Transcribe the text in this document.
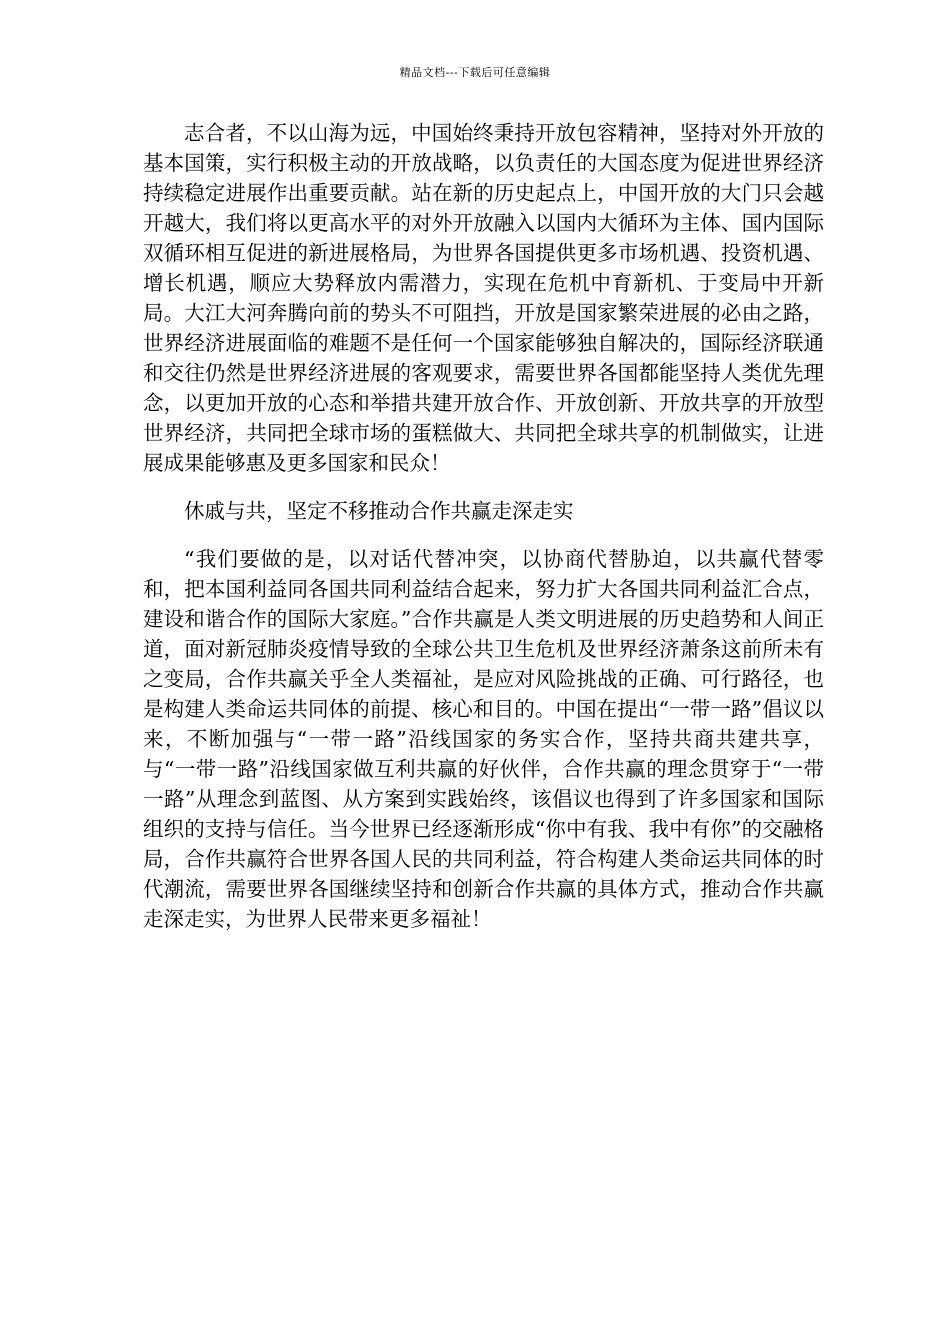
精品文档---下载后可任意编辑

志合者，不以山海为远，中国始终秉持开放包容精神，坚持对外开放的基本国策，实行积极主动的开放战略，以负责任的大国态度为促进世界经济持续稳定进展作出重要贡献。站在新的历史起点上，中国开放的大门只会越开越大，我们将以更高水平的对外开放融入以国内大循环为主体、国内国际双循环相互促进的新进展格局，为世界各国提供更多市场机遇、投资机遇、增长机遇，顺应大势释放内需潜力，实现在危机中育新机、于变局中开新局。大江大河奔腾向前的势头不可阻挡，开放是国家繁荣进展的必由之路，世界经济进展面临的难题不是任何一个国家能够独自解决的，国际经济联通和交往仍然是世界经济进展的客观要求，需要世界各国都能坚持人类优先理念，以更加开放的心态和举措共建开放合作、开放创新、开放共享的开放型世界经济，共同把全球市场的蛋糕做大、共同把全球共享的机制做实，让进展成果能够惠及更多国家和民众！

休戚与共，坚定不移推动合作共赢走深走实

“我们要做的是，以对话代替冲突，以协商代替胁迫，以共赢代替零和，把本国利益同各国共同利益结合起来，努力扩大各国共同利益汇合点，建设和谐合作的国际大家庭。”合作共赢是人类文明进展的历史趋势和人间正道，面对新冠肺炎疫情导致的全球公共卫生危机及世界经济萧条这前所未有之变局，合作共赢关乎全人类福祉，是应对风险挑战的正确、可行路径，也是构建人类命运共同体的前提、核心和目的。中国在提出“一带一路”倡议以来，不断加强与“一带一路”沿线国家的务实合作，坚持共商共建共享，与“一带一路”沿线国家做互利共赢的好伙伴，合作共赢的理念贯穿于“一带一路”从理念到蓝图、从方案到实践始终，该倡议也得到了许多国家和国际组织的支持与信任。当今世界已经逐渐形成“你中有我、我中有你”的交融格局，合作共赢符合世界各国人民的共同利益，符合构建人类命运共同体的时代潮流，需要世界各国继续坚持和创新合作共赢的具体方式，推动合作共赢走深走实，为世界人民带来更多福祉！
